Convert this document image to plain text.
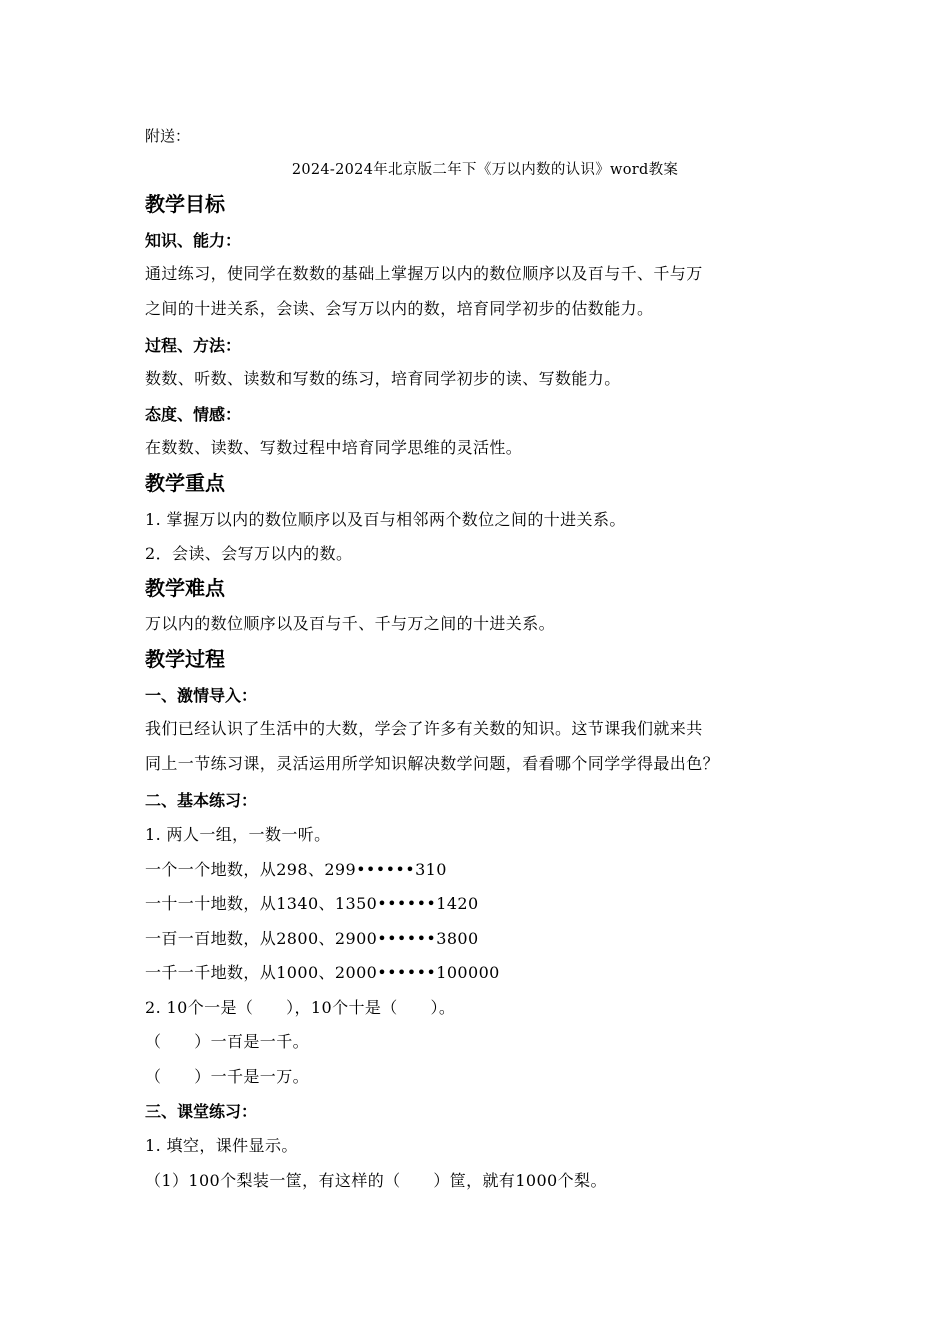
附送：
2024-2024年北京版二年下《万以内数的认识》word教案
教学目标
知识、能力：
通过练习，使同学在数数的基础上掌握万以内的数位顺序以及百与千、千与万
之间的十进关系，会读、会写万以内的数，培育同学初步的估数能力。
过程、方法：
数数、听数、读数和写数的练习，培育同学初步的读、写数能力。
态度、情感：
在数数、读数、写数过程中培育同学思维的灵活性。
教学重点
1. 掌握万以内的数位顺序以及百与相邻两个数位之间的十进关系。
2．会读、会写万以内的数。
教学难点
万以内的数位顺序以及百与千、千与万之间的十进关系。
教学过程
一、激情导入：
我们已经认识了生活中的大数，学会了许多有关数的知识。这节课我们就来共
同上一节练习课，灵活运用所学知识解决数学问题，看看哪个同学学得最出色？
二、基本练习：
1. 两人一组，一数一听。
一个一个地数，从298、299••••••310
一十一十地数，从1340、1350••••••1420
一百一百地数，从2800、2900••••••3800
一千一千地数，从1000、2000••••••100000
2. 10个一是（　　），10个十是（　　）。
（　　）一百是一千。
（　　）一千是一万。
三、课堂练习：
1. 填空，课件显示。
（1）100个梨装一筐，有这样的（　　）筐，就有1000个梨。
